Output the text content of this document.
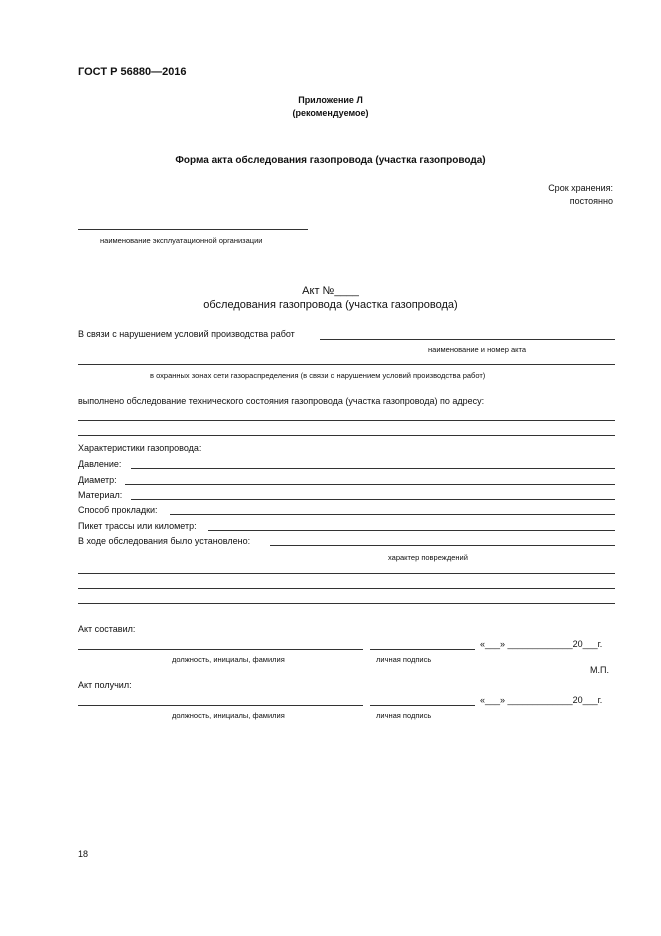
ГОСТ Р 56880—2016
Приложение Л
(рекомендуемое)
Форма акта обследования газопровода (участка газопровода)
Срок хранения:
постоянно
наименование эксплуатационной организации
Акт №____
обследования газопровода (участка газопровода)
В связи с нарушением условий производства работ
наименование и номер акта
в охранных зонах сети газораспределения (в связи с нарушением условий производства работ)
выполнено обследование технического состояния газопровода (участка газопровода) по адресу:
Характеристики газопровода:
Давление:
Диаметр:
Материал:
Способ прокладки:
Пикет трассы или километр:
В ходе обследования было установлено:
характер повреждений
Акт составил:
«___» _____________20___г.
должность, инициалы, фамилия	личная подпись
М.П.
Акт получил:
«___» _____________20___г.
должность, инициалы, фамилия	личная подпись
18
